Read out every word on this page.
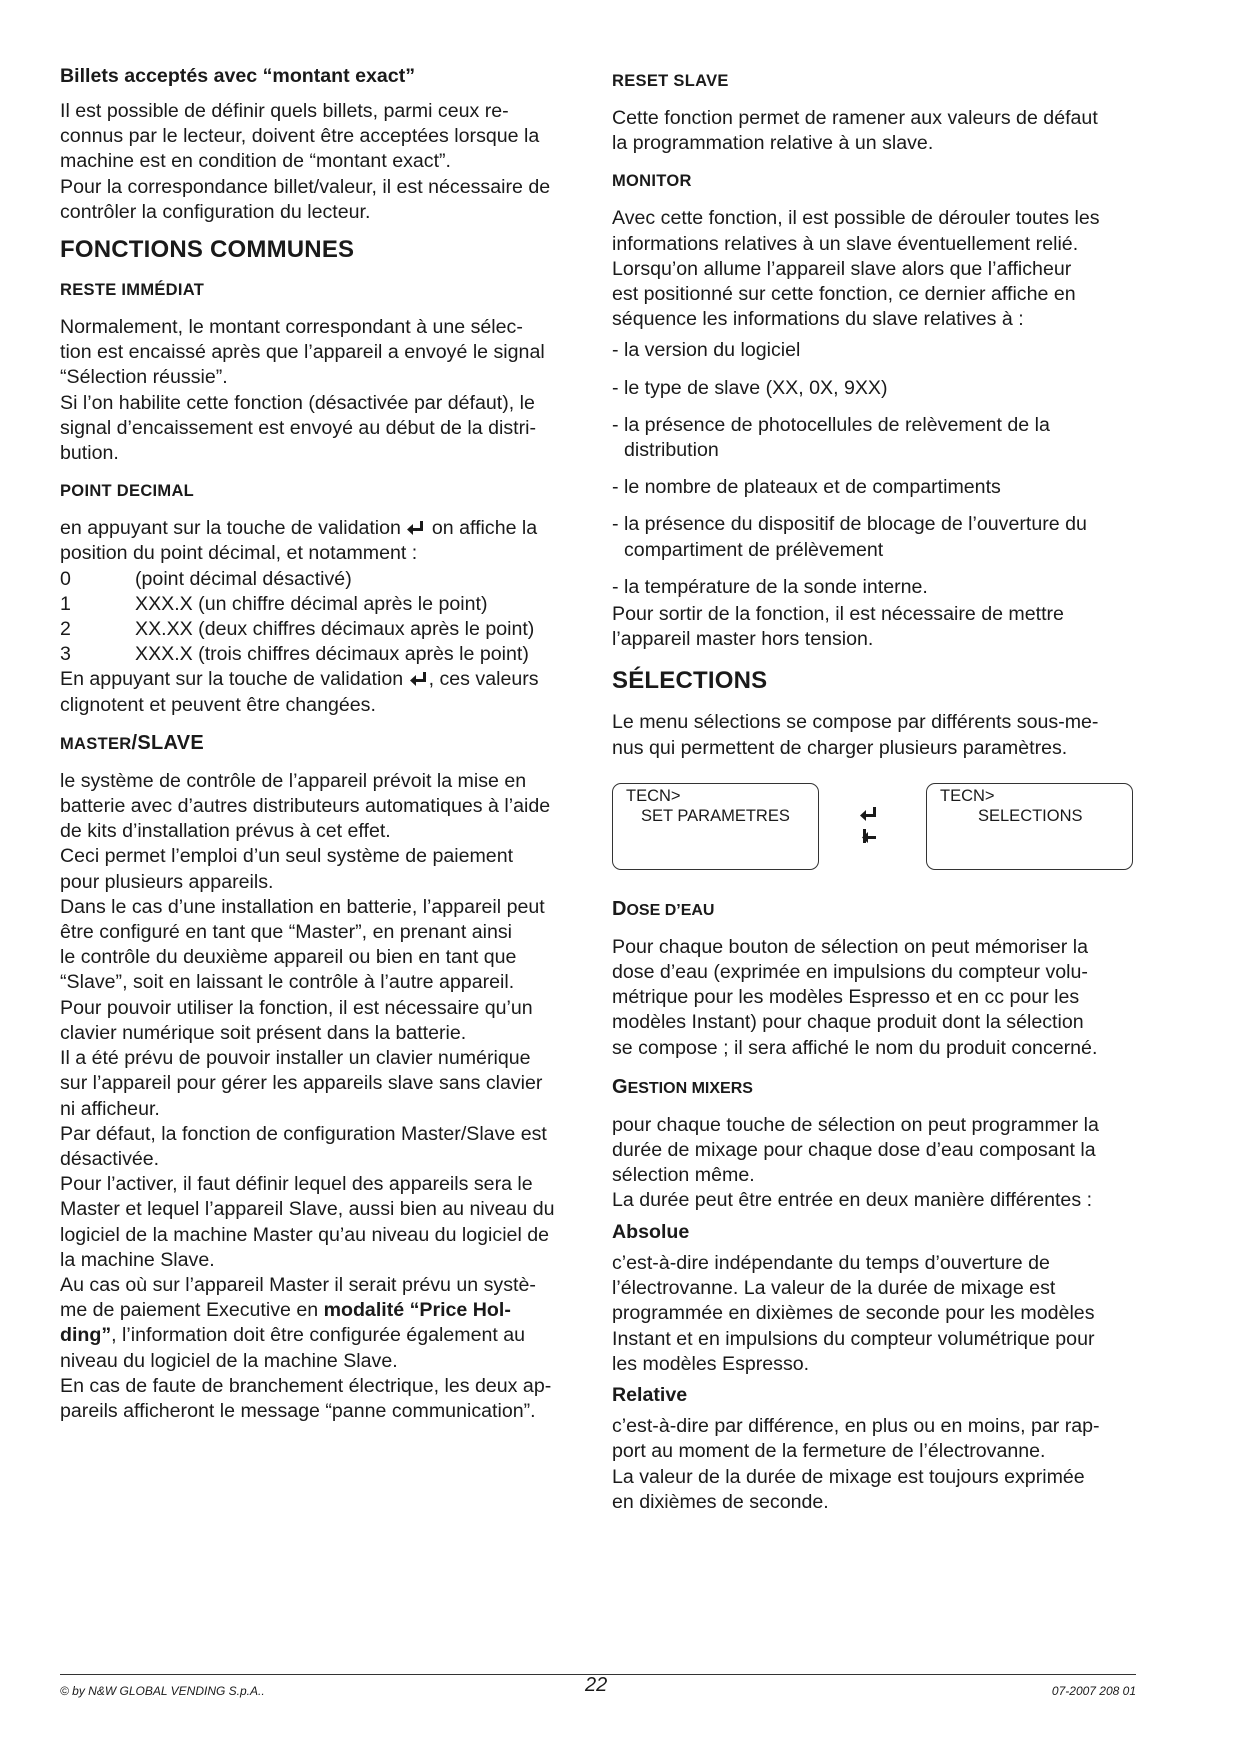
Billets acceptés avec “montant exact”

Il est possible de définir quels billets, parmi ceux re-
connus par le lecteur, doivent être acceptées lorsque la
machine est en condition de “montant exact”.
Pour la correspondance billet/valeur, il est nécessaire de
contrôler la configuration du lecteur.

FONCTIONS COMMUNES
RESTE IMMÉDIAT

Normalement, le montant correspondant à une sélec-
tion est encaissé après que l’appareil a envoyé le signal
“Sélection réussie”.
Si l’on habilite cette fonction (désactivée par défaut), le
signal d’encaissement est envoyé au début de la distri-
bution.

POINT DECIMAL

en appuyant sur la touche de validation on affiche la
position du point décimal, et notamment :

0	(point décimal désactivé)
1	XXX.X (un chiffre décimal après le point)
2	XX.XX (deux chiffres décimaux après le point)
3	XXX.X (trois chiffres décimaux après le point)

En appuyant sur la touche de validation , ces valeurs
clignotent et peuvent être changées.

MASTER/SLAVE

le système de contrôle de l’appareil prévoit la mise en
batterie avec d’autres distributeurs automatiques à l’aide
de kits d’installation prévus à cet effet.
Ceci permet l’emploi d’un seul système de paiement
pour plusieurs appareils.
Dans le cas d’une installation en batterie, l’appareil peut
être configuré en tant que “Master”, en prenant ainsi
le contrôle du deuxième appareil ou bien en tant que
“Slave”, soit en laissant le contrôle à l’autre appareil.
Pour pouvoir utiliser la fonction, il est nécessaire qu’un
clavier numérique soit présent dans la batterie.
Il a été prévu de pouvoir installer un clavier numérique
sur l’appareil pour gérer les appareils slave sans clavier
ni afficheur.
Par défaut, la fonction de configuration Master/Slave est
désactivée.
Pour l’activer, il faut définir lequel des appareils sera le
Master et lequel l’appareil Slave, aussi bien au niveau du
logiciel de la machine Master qu’au niveau du logiciel de
la machine Slave.
Au cas où sur l’appareil Master il serait prévu un systè-
me de paiement Executive en modalité “Price Hol-
ding”, l’information doit être configurée également au
niveau du logiciel de la machine Slave.
En cas de faute de branchement électrique, les deux ap-
pareils afficheront le message “panne communication”.

RESET SLAVE

Cette fonction permet de ramener aux valeurs de défaut
la programmation relative à un slave.

MONITOR

Avec cette fonction, il est possible de dérouler toutes les
informations relatives à un slave éventuellement relié.
Lorsqu’on allume l’appareil slave alors que l’afficheur
est positionné sur cette fonction, ce dernier affiche en
séquence les informations du slave relatives à :

- la version du logiciel
- le type de slave (XX, 0X, 9XX)
- la présence de photocellules de relèvement de la
distribution
- le nombre de plateaux et de compartiments
- la présence du dispositif de blocage de l’ouverture du
compartiment de prélèvement
- la température de la sonde interne.

Pour sortir de la fonction, il est nécessaire de mettre
l’appareil master hors tension.

SÉLECTIONS

Le menu sélections se compose par différents sous-me-
nus qui permettent de charger plusieurs paramètres.

TECN>
SET PARAMETRES
TECN>
SELECTIONS
DOSE D’EAU

Pour chaque bouton de sélection on peut mémoriser la
dose d’eau (exprimée en impulsions du compteur volu-
métrique pour les modèles Espresso et en cc pour les
modèles Instant) pour chaque produit dont la sélection
se compose ; il sera affiché le nom du produit concerné.

GESTION MIXERS

pour chaque touche de sélection on peut programmer la
durée de mixage pour chaque dose d’eau composant la
sélection même.
La durée peut être entrée en deux manière différentes :

Absolue

c’est-à-dire indépendante du temps d’ouverture de
l’électrovanne. La valeur de la durée de mixage est
programmée en dixièmes de seconde pour les modèles
Instant et en impulsions du compteur volumétrique pour
les modèles Espresso.

Relative

c’est-à-dire par différence, en plus ou en moins, par rap-
port au moment de la fermeture de l’électrovanne.
La valeur de la durée de mixage est toujours exprimée
en dixièmes de seconde.

© by N&W GLOBAL VENDING S.p.A..	22	07-2007 208 01
